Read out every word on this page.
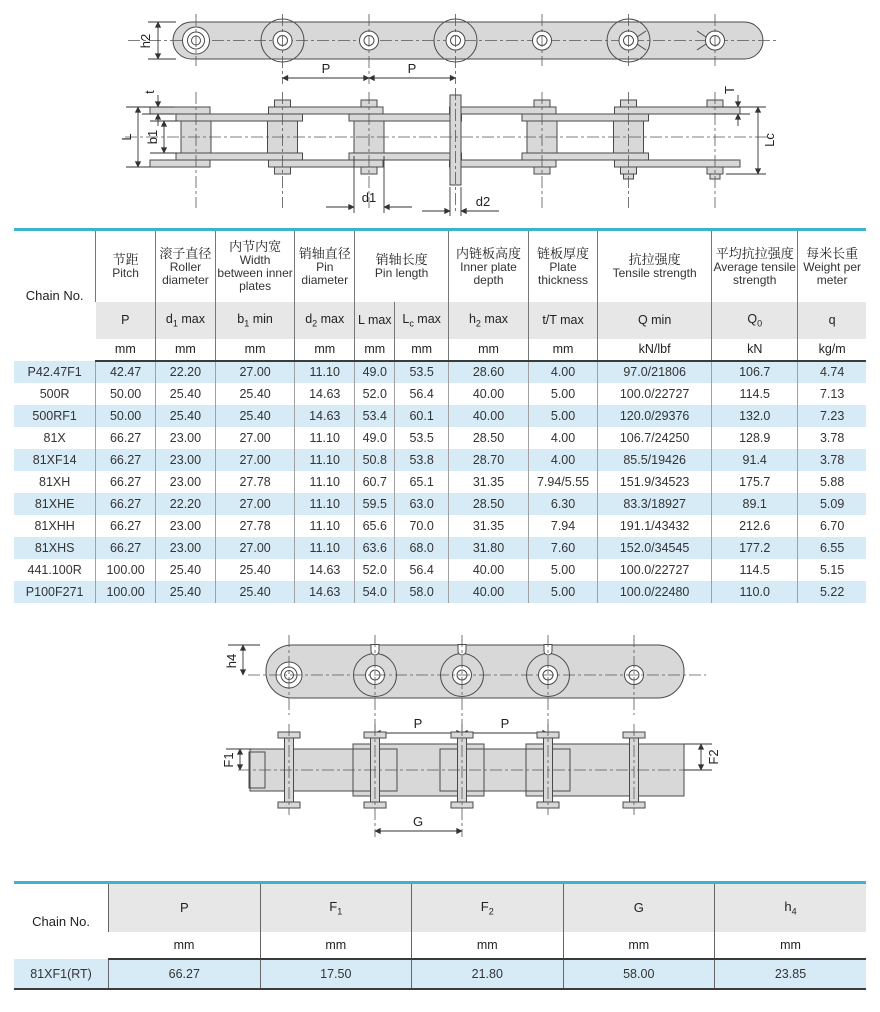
h2
P	P
t
L b1
d1	d2
T
Lc
Chain No.	
节距
Pitch

滚子直径
Roller diameter

内节内宽
Width between inner plates

销轴直径
Pin diameter

销轴长度
Pin length

内链板高度
Inner plate depth

链板厚度
Plate thickness

抗拉强度
Tensile strength

平均抗拉强度
Average tensile strength

每米长重
Weight per meter

	P	$d_1$ max	$b_1$ min	$d_2$ max	L max	$L_c$ max	$h_2$ max	t/T max	Q min	$Q_0$	q
	mm	mm	mm	mm	mm	mm	mm	mm	kN/lbf	kN	kg/m
P42.47F1	42.47	22.20	27.00	11.10	49.0	53.5	28.60	4.00	97.0/21806	106.7	4.74
500R	50.00	25.40	25.40	14.63	52.0	56.4	40.00	5.00	100.0/22727	114.5	7.13
500RF1	50.00	25.40	25.40	14.63	53.4	60.1	40.00	5.00	120.0/29376	132.0	7.23
81X	66.27	23.00	27.00	11.10	49.0	53.5	28.50	4.00	106.7/24250	128.9	3.78
81XF14	66.27	23.00	27.00	11.10	50.8	53.8	28.70	4.00	85.5/19426	91.4	3.78
81XH	66.27	23.00	27.78	11.10	60.7	65.1	31.35	7.94/5.55	151.9/34523	175.7	5.88
81XHE	66.27	22.20	27.00	11.10	59.5	63.0	28.50	6.30	83.3/18927	89.1	5.09
81XHH	66.27	23.00	27.78	11.10	65.6	70.0	31.35	7.94	191.1/43432	212.6	6.70
81XHS	66.27	23.00	27.00	11.10	63.6	68.0	31.80	7.60	152.0/34545	177.2	6.55
441.100R	100.00	25.40	25.40	14.63	52.0	56.4	40.00	5.00	100.0/22727	114.5	5.15
P100F271	100.00	25.40	25.40	14.63	54.0	58.0	40.00	5.00	100.0/22480	110.0	5.22
h4
P	P
F1	F2
G
Chain No.	P	$F_1$	$F_2$	G	$h_4$
	mm	mm	mm	mm	mm
81XF1(RT)	66.27	17.50	21.80	58.00	23.85
